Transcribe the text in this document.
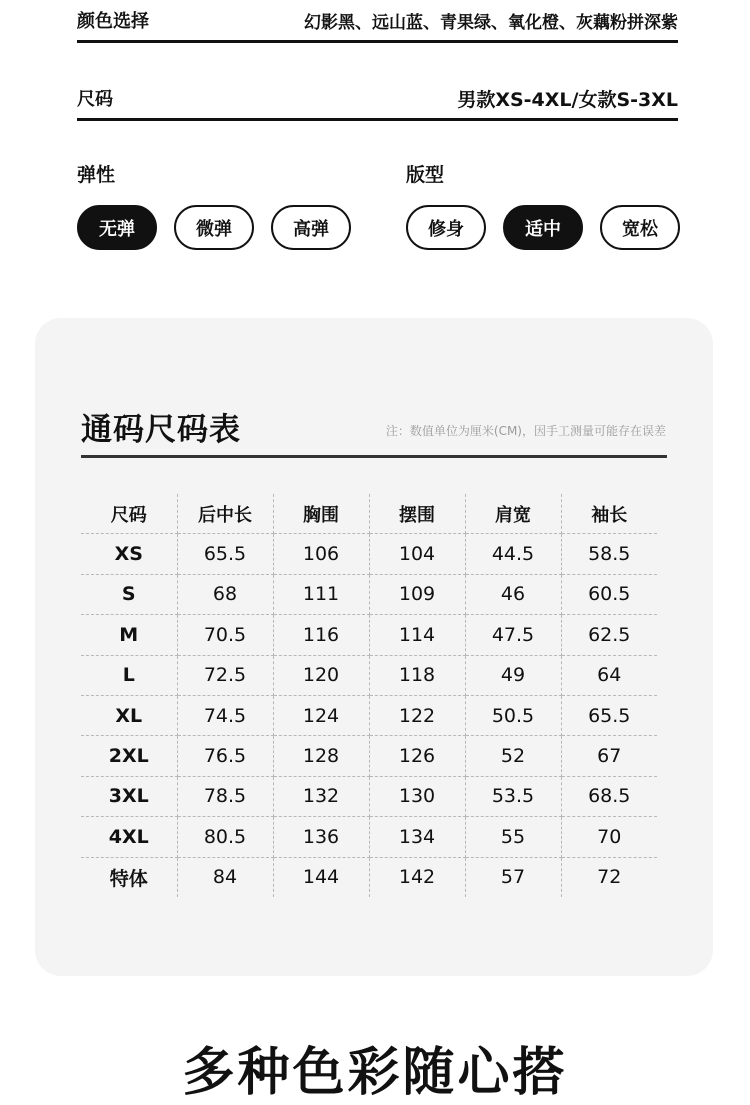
颜色选择	幻影黑、远山蓝、青果绿、氧化橙、灰藕粉拼深紫
尺码	男款XS-4XL/女款S-3XL
弹性
无弹	微弹	高弹
版型
修身	适中	宽松
通码尺码表	注：数值单位为厘米(CM)，因手工测量可能存在误差
尺码	后中长	胸围	摆围	肩宽	袖长
XS	65.5	106	104	44.5	58.5
S	68	111	109	46	60.5
M	70.5	116	114	47.5	62.5
L	72.5	120	118	49	64
XL	74.5	124	122	50.5	65.5
2XL	76.5	128	126	52	67
3XL	78.5	132	130	53.5	68.5
4XL	80.5	136	134	55	70
特体	84	144	142	57	72
多种色彩随心搭
